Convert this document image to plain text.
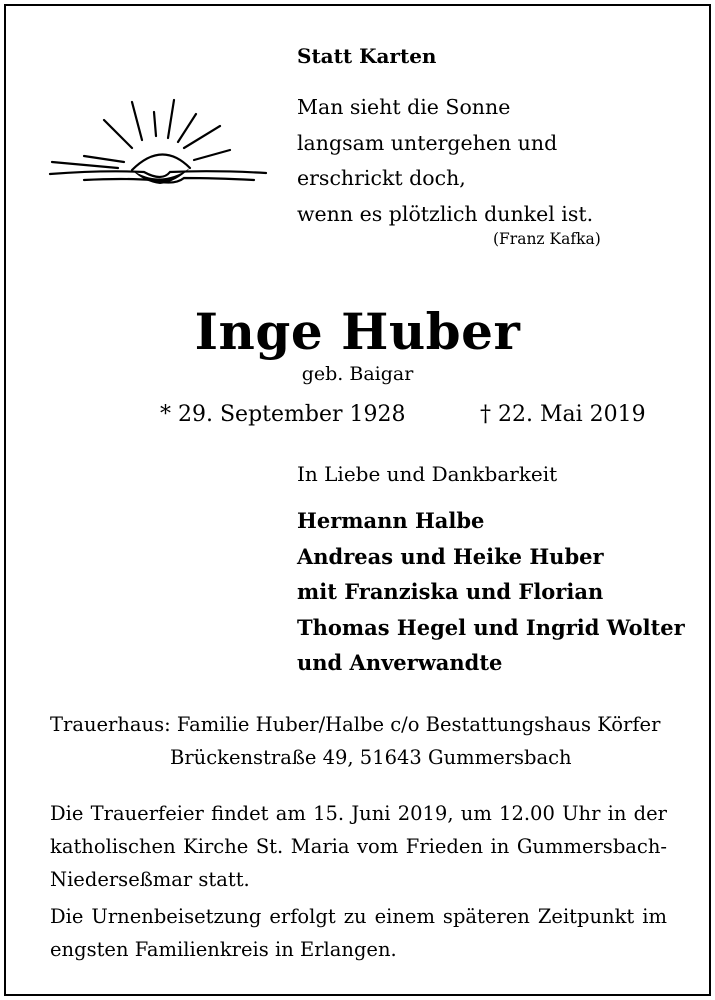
Statt Karten
Man sieht die Sonne
langsam untergehen und
erschrickt doch,
wenn es plötzlich dunkel ist.
(Franz Kafka)
Inge Huber
geb. Baigar
* 29. September 1928	† 22. Mai 2019
In Liebe und Dankbarkeit
Hermann Halbe
Andreas und Heike Huber
mit Franziska und Florian
Thomas Hegel und Ingrid Wolter
und Anverwandte
Trauerhaus: Familie Huber/Halbe c/o Bestattungshaus Körfer
Brückenstraße 49, 51643 Gummersbach
Die Trauerfeier findet am 15. Juni 2019, um 12.00 Uhr in der
katholischen Kirche St. Maria vom Frieden in Gummersbach-
Niederseßmar statt.
Die Urnenbeisetzung erfolgt zu einem späteren Zeitpunkt im
engsten Familienkreis in Erlangen.
